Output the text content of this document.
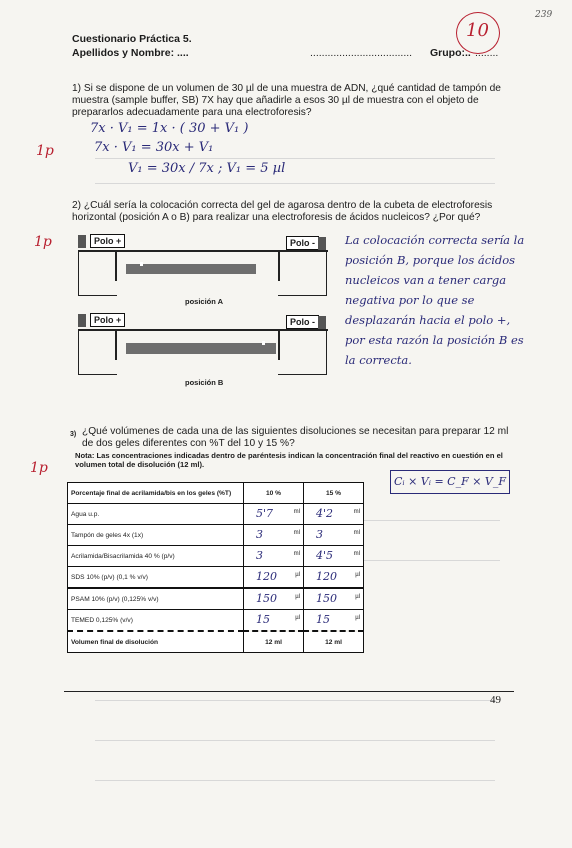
Cuestionario Práctica 5.
Apellidos y Nombre: ....	................................... Grupo:.. ........
239
10
1) Si se dispone de un volumen de 30 µl de una muestra de ADN, ¿qué cantidad de tampón de muestra (sample buffer, SB) 7X hay que añadirle a esos 30 µl de muestra con el objeto de prepararlos adecuadamente para una electroforesis?
7x · V₁ = 1x · ( 30 + V₁ )
7x · V₁ = 30x + V₁
V₁ = 30x / 7x ; V₁ = 5 µl
1p
2) ¿Cuál sería la colocación correcta del gel de agarosa dentro de la cubeta de electroforesis horizontal (posición A o B) para realizar una electroforesis de ácidos nucleicos? ¿Por qué?
1p	Polo +	Polo -
posición A
Polo +	Polo -
posición B
La colocación correcta sería la posición B, porque los ácidos nucleicos van a tener carga negativa por lo que se desplazarán hacia el polo +, por esta razón la posición B es la correcta.
3) ¿Qué volúmenes de cada una de las siguientes disoluciones se necesitan para preparar 12 ml de dos geles diferentes con %T del 10 y 15 %?
Nota: Las concentraciones indicadas dentro de paréntesis indican la concentración final del reactivo en cuestión en el volumen total de disolución (12 ml).
1p
Cᵢ × Vᵢ = C_F × V_F
Porcentaje final de acrilamida/bis en los geles (%T)	10 %	15 %
Agua u.p.	5'7 ml	4'2 ml

Tampón de geles 4x (1x)	3 ml	3 ml

Acrilamida/Bisacrilamida 40 % (p/v)	3 ml	4'5 ml

SDS 10% (p/v) (0,1 % v/v)	120 µl	120 µl

PSAM 10% (p/v) (0,125% v/v)	150 µl	150 µl

TEMED 0,125% (v/v)	15 µl	15 µl

Volumen final de disolución	12 ml	12 ml
49
